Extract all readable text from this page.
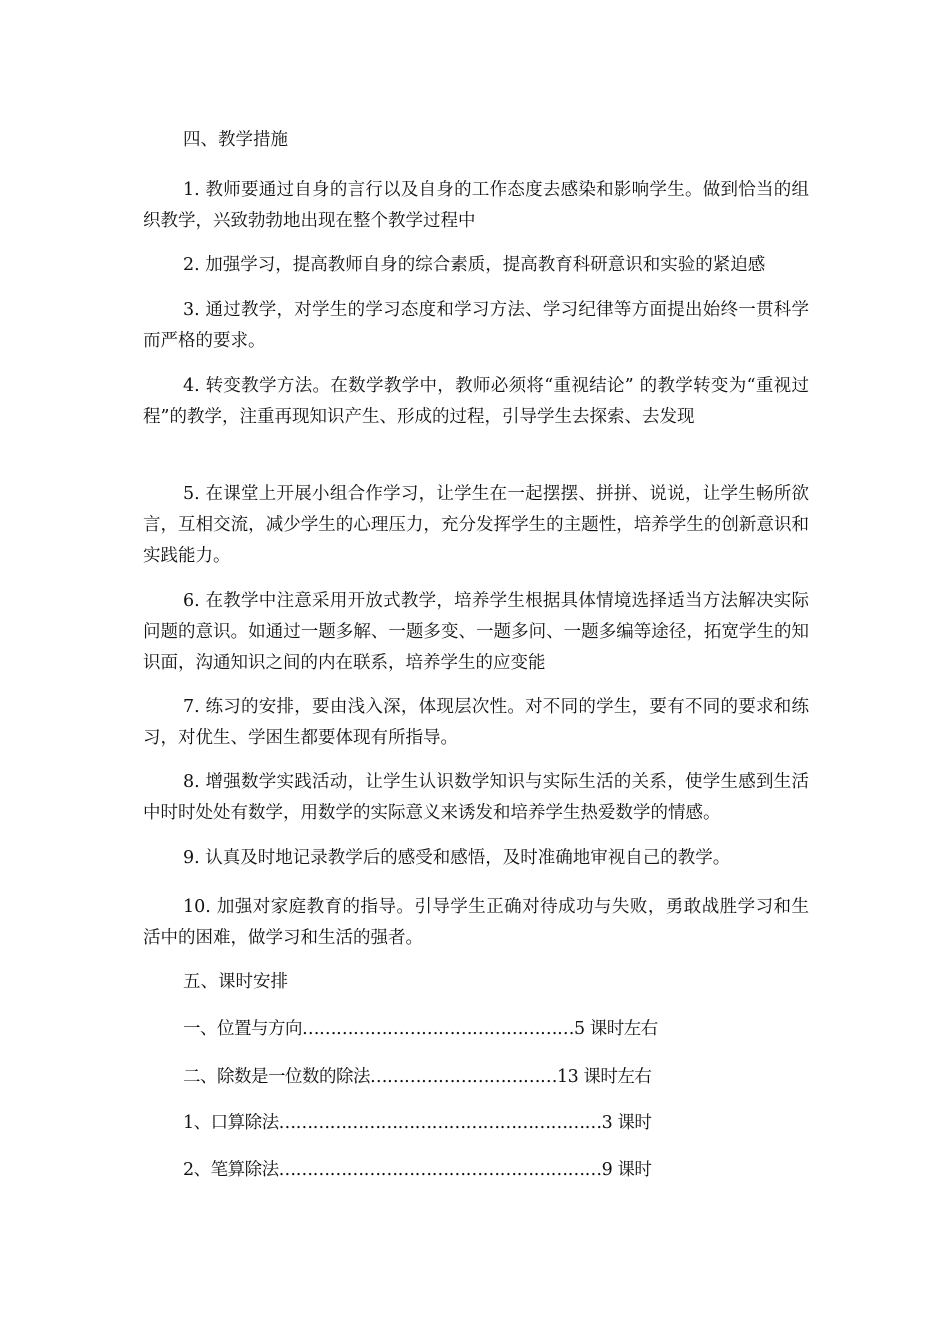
四、教学措施

1. 教师要通过自身的言行以及自身的工作态度去感染和影响学生。做到恰当的组织教学，兴致勃勃地出现在整个教学过程中

2. 加强学习，提高教师自身的综合素质，提高教育科研意识和实验的紧迫感

3. 通过教学，对学生的学习态度和学习方法、学习纪律等方面提出始终一贯科学而严格的要求。

4. 转变教学方法。在数学教学中，教师必须将“重视结论” 的教学转变为“重视过程”的教学，注重再现知识产生、形成的过程，引导学生去探索、去发现

5. 在课堂上开展小组合作学习，让学生在一起摆摆、拼拼、说说，让学生畅所欲言，互相交流，减少学生的心理压力，充分发挥学生的主题性，培养学生的创新意识和实践能力。

6. 在教学中注意采用开放式教学，培养学生根据具体情境选择适当方法解决实际问题的意识。如通过一题多解、一题多变、一题多问、一题多编等途径，拓宽学生的知识面，沟通知识之间的内在联系，培养学生的应变能

7. 练习的安排，要由浅入深，体现层次性。对不同的学生，要有不同的要求和练习，对优生、学困生都要体现有所指导。

8. 增强数学实践活动，让学生认识数学知识与实际生活的关系，使学生感到生活中时时处处有数学，用数学的实际意义来诱发和培养学生热爱数学的情感。

9. 认真及时地记录教学后的感受和感悟，及时准确地审视自己的教学。

10. 加强对家庭教育的指导。引导学生正确对待成功与失败，勇敢战胜学习和生活中的困难，做学习和生活的强者。

五、课时安排

一、位置与方向…………………………………………5 课时左右

二、除数是一位数的除法……………………………13 课时左右

1、口算除法…………………………………………………3 课时

2、笔算除法…………………………………………………9 课时
